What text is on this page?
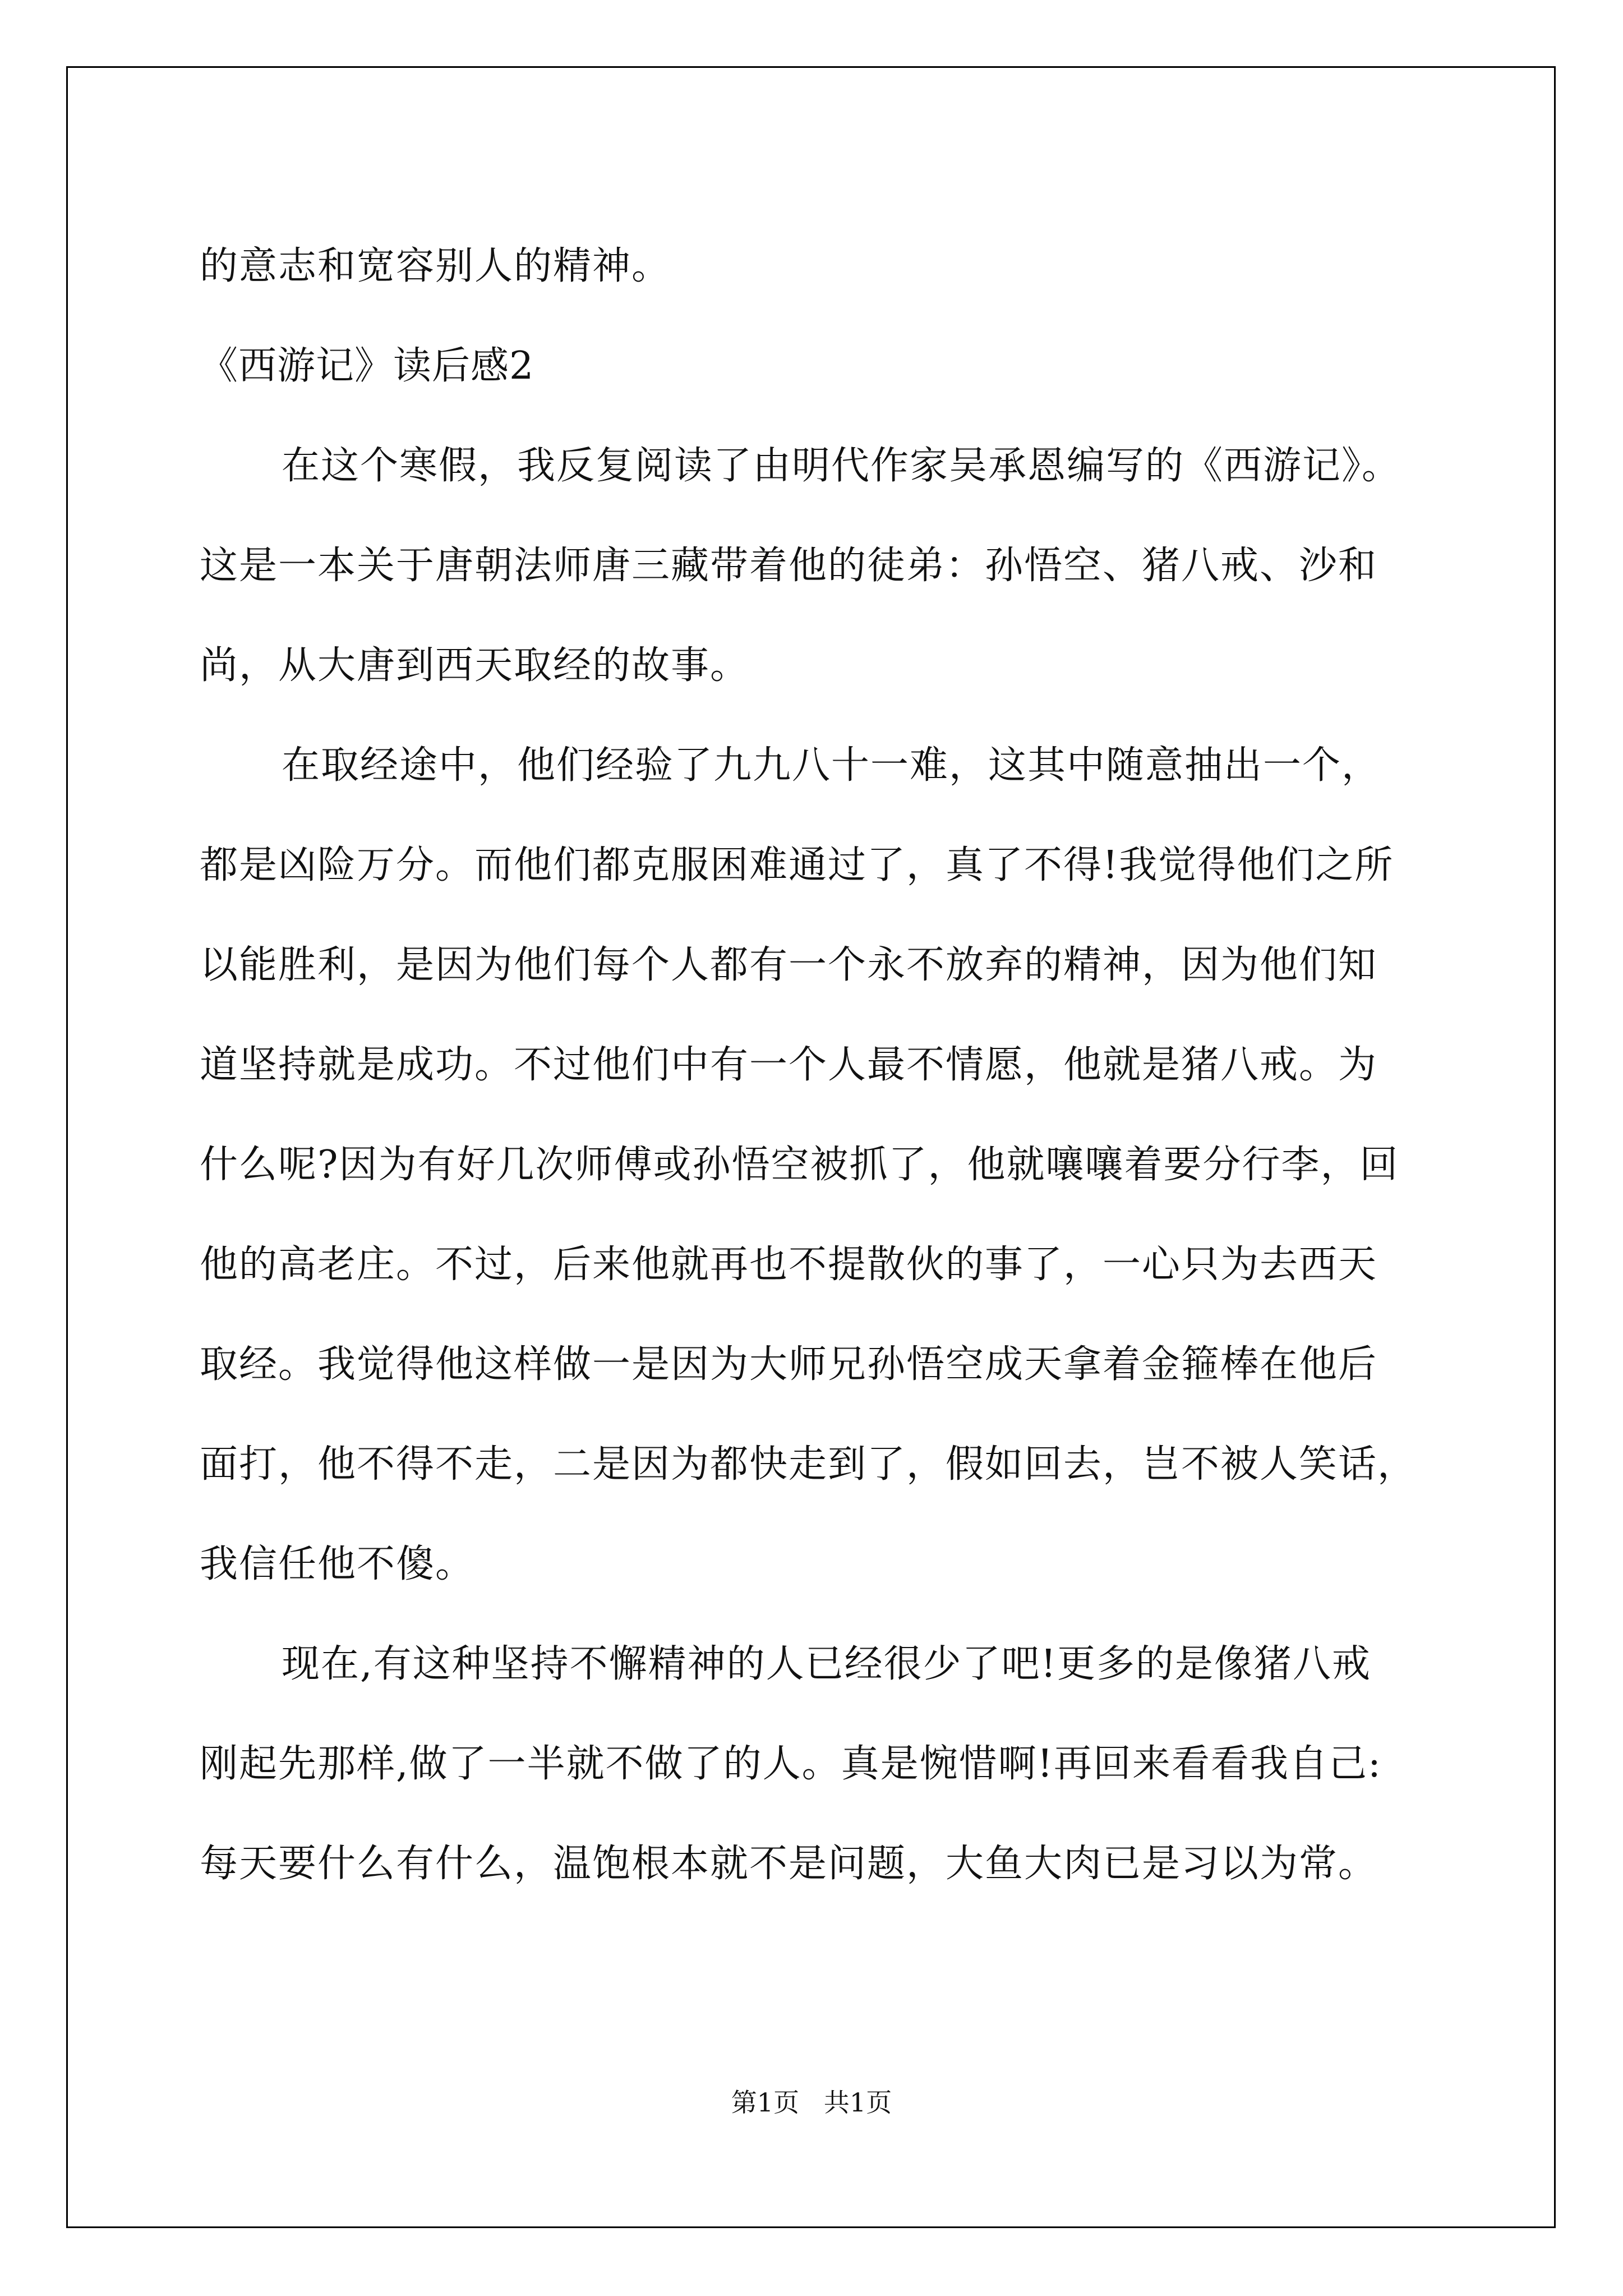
的意志和宽容别人的精神。
《西游记》读后感2
在这个寒假，我反复阅读了由明代作家吴承恩编写的《西游记》。
这是一本关于唐朝法师唐三藏带着他的徒弟：孙悟空、猪八戒、沙和
尚，从大唐到西天取经的故事。
在取经途中，他们经验了九九八十一难，这其中随意抽出一个，
都是凶险万分。而他们都克服困难通过了，真了不得!我觉得他们之所
以能胜利，是因为他们每个人都有一个永不放弃的精神，因为他们知
道坚持就是成功。不过他们中有一个人最不情愿，他就是猪八戒。为
什么呢?因为有好几次师傅或孙悟空被抓了，他就嚷嚷着要分行李，回
他的高老庄。不过，后来他就再也不提散伙的事了，一心只为去西天
取经。我觉得他这样做一是因为大师兄孙悟空成天拿着金箍棒在他后
面打，他不得不走，二是因为都快走到了，假如回去，岂不被人笑话，
我信任他不傻。
现在,有这种坚持不懈精神的人已经很少了吧!更多的是像猪八戒
刚起先那样,做了一半就不做了的人。真是惋惜啊!再回来看看我自己:
每天要什么有什么，温饱根本就不是问题，大鱼大肉已是习以为常。
第1页   共1页
